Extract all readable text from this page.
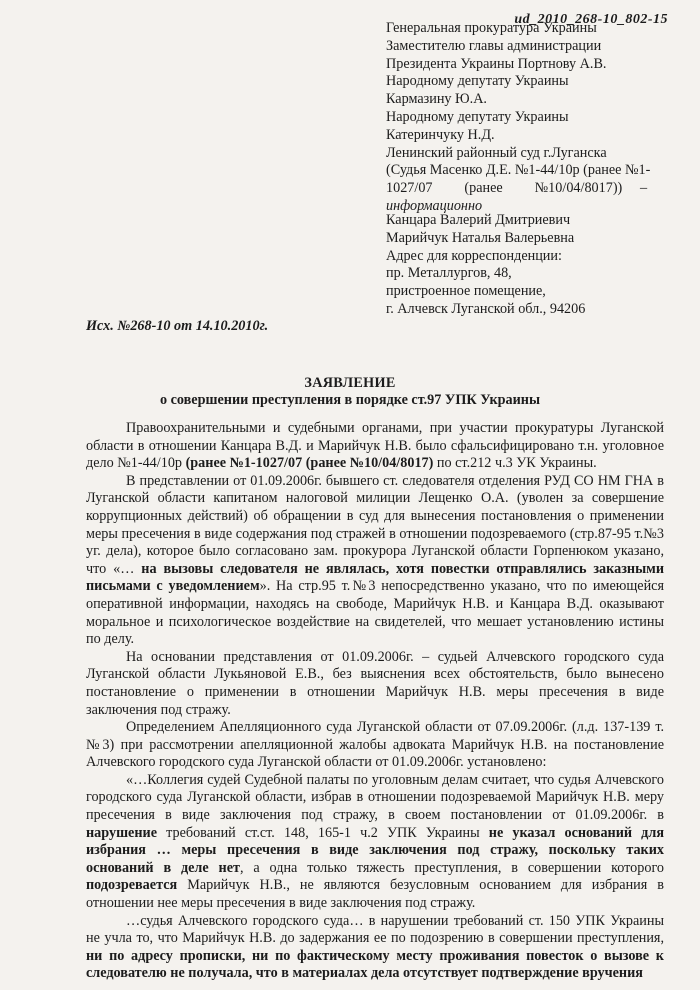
ud_2010_268-10_802-15
Генеральная прокуратура Украины
Заместителю главы администрации
Президента Украины Портнову А.В.
Народному депутату Украины
Кармазину Ю.А.
Народному депутату Украины
Катеринчуку Н.Д.
Ленинский районный суд г.Луганска
(Судья Масенко Д.Е. №1-44/10р (ранее №1-
1027/07         (ранее         №10/04/8017))     –
информационно
Канцара Валерий Дмитриевич
Марийчук Наталья Валерьевна
Адрес для корреспонденции:
пр. Металлургов, 48,
пристроенное помещение,
г. Алчевск Луганской обл., 94206
Исх. №268-10 от 14.10.2010г.
ЗАЯВЛЕНИЕ
о совершении преступления в порядке ст.97 УПК Украины

Правоохранительными и судебными органами, при участии прокуратуры Луганской области в отношении Канцара В.Д. и Марийчук Н.В. было сфальсифицировано т.н. уголовное дело №1-44/10р (ранее №1-1027/07 (ранее №10/04/8017) по ст.212 ч.3 УК Украины.

В представлении от 01.09.2006г. бывшего ст. следователя отделения РУД СО НМ ГНА в Луганской области капитаном налоговой милиции Лещенко О.А. (уволен за совершение коррупционных действий) об обращении в суд для вынесения постановления о применении меры пресечения в виде содержания под стражей в отношении подозреваемого (стр.87-95 т.№3 уг. дела), которое было согласовано зам. прокурора Луганской области Горпенюком указано, что «… на вызовы следователя не являлась, хотя повестки отправлялись заказными письмами с уведомлением». На стр.95 т.№3 непосредственно указано, что по имеющейся оперативной информации, находясь на свободе, Марийчук Н.В. и Канцара В.Д. оказывают моральное и психологическое воздействие на свидетелей, что мешает установлению истины по делу.

На основании представления от 01.09.2006г. – судьей Алчевского городского суда Луганской области Лукьяновой Е.В., без выяснения всех обстоятельств, было вынесено постановление о применении в отношении Марийчук Н.В. меры пресечения в виде заключения под стражу.

Определением Апелляционного суда Луганской области от 07.09.2006г. (л.д. 137-139 т. №3) при рассмотрении апелляционной жалобы адвоката Марийчук Н.В. на постановление Алчевского городского суда Луганской области от 01.09.2006г. установлено:

«…Коллегия судей Судебной палаты по уголовным делам считает, что судья Алчевского городского суда Луганской области, избрав в отношении подозреваемой Марийчук Н.В. меру пресечения в виде заключения под стражу, в своем постановлении от 01.09.2006г. в нарушение требований ст.ст. 148, 165-1 ч.2 УПК Украины не указал оснований для избрания … меры пресечения в виде заключения под стражу, поскольку таких оснований в деле нет, а одна только тяжесть преступления, в совершении которого подозревается Марийчук Н.В., не являются безусловным основанием для избрания в отношении нее меры пресечения в виде заключения под стражу.

…судья Алчевского городского суда… в нарушении требований ст. 150 УПК Украины не учла то, что Марийчук Н.В. до задержания ее по подозрению в совершении преступления, ни по адресу прописки, ни по фактическому месту проживания повесток о вызове к следователю не получала, что в материалах дела отсутствует подтверждение вручения
